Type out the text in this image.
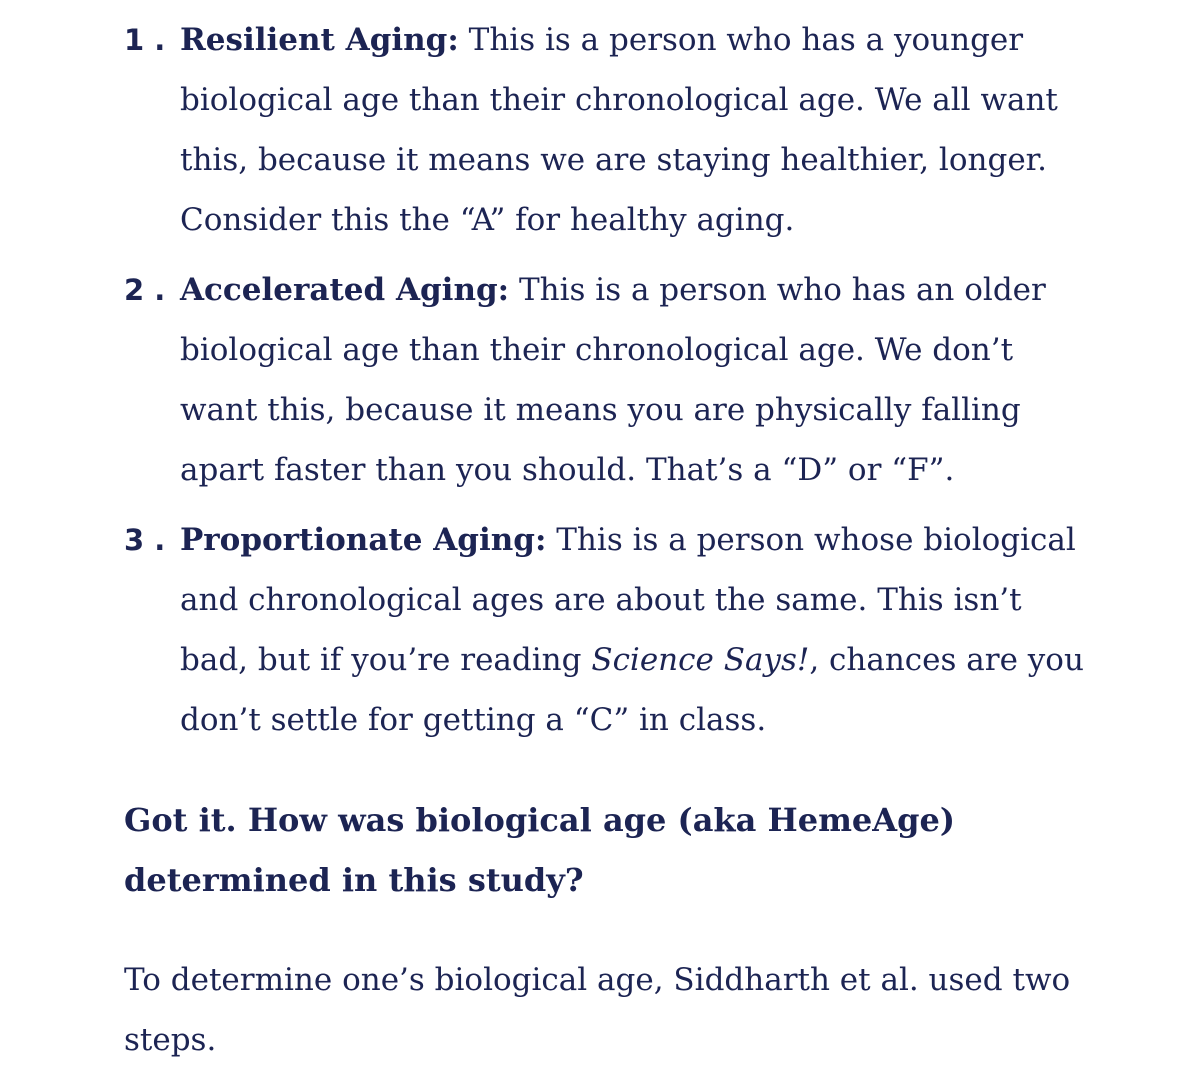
1 . Resilient Aging: This is a person who has a younger biological age than their chronological age. We all want this, because it means we are staying healthier, longer. Consider this the “A” for healthy aging.
2 . Accelerated Aging: This is a person who has an older biological age than their chronological age. We don’t want this, because it means you are physically falling apart faster than you should. That’s a “D” or “F”.
3 . Proportionate Aging: This is a person whose biological and chronological ages are about the same. This isn’t bad, but if you’re reading Science Says!, chances are you don’t settle for getting a “C” in class.
Got it. How was biological age (aka HemeAge) determined in this study?

To determine one’s biological age, Siddharth et al. used two steps.
